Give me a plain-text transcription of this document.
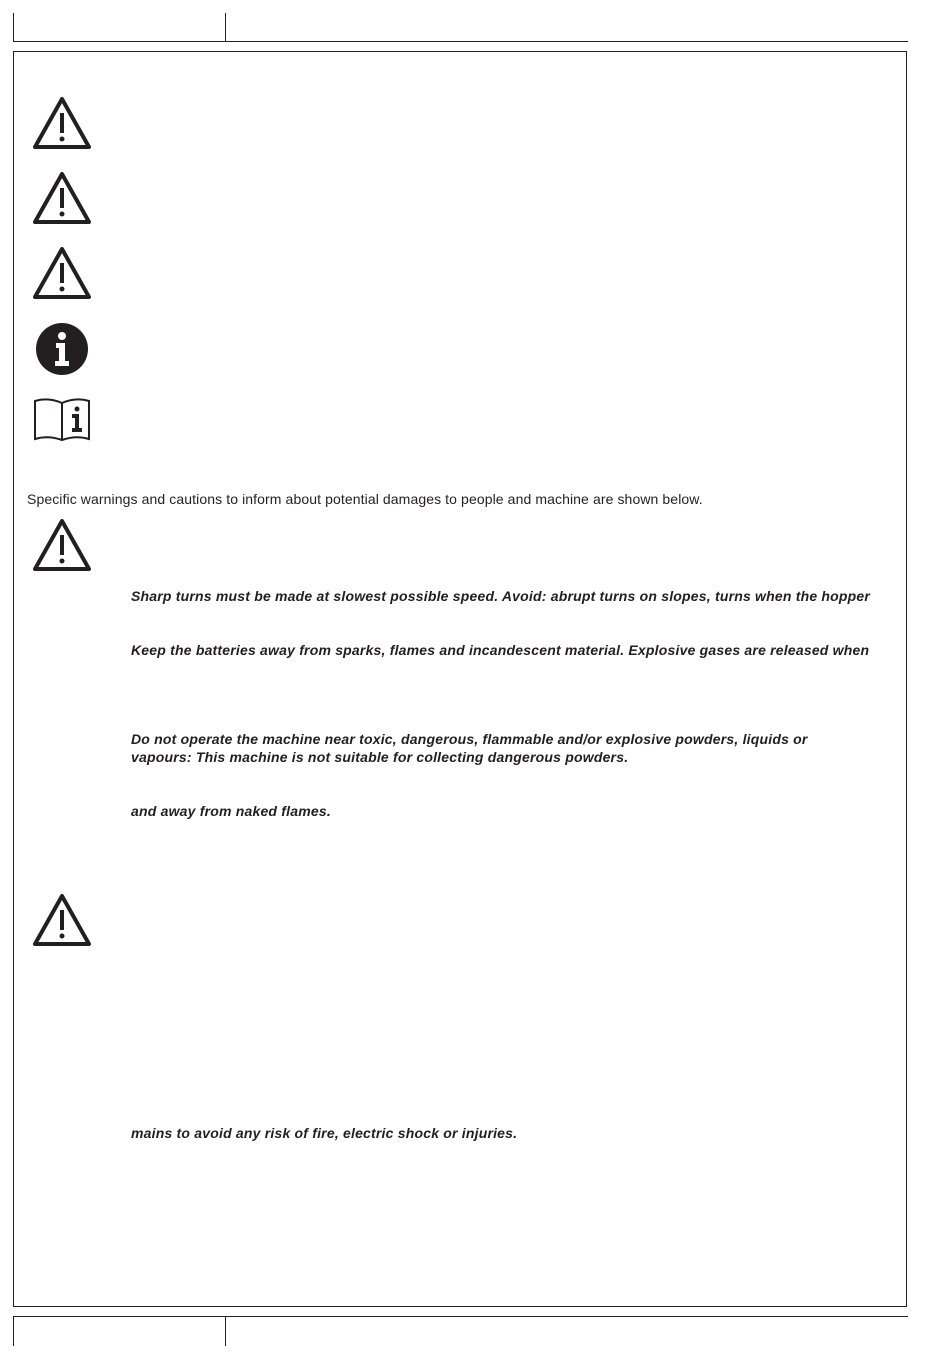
Specific warnings and cautions to inform about potential damages to people and machine are shown below.
Sharp turns must be made at slowest possible speed. Avoid: abrupt turns on slopes, turns when the hopper
Keep the batteries away from sparks, flames and incandescent material. Explosive gases are released when
Do not operate the machine near toxic, dangerous, flammable and/or explosive powders, liquids or vapours: This machine is not suitable for collecting dangerous powders.
and away from naked flames.
mains to avoid any risk of fire, electric shock or injuries.
